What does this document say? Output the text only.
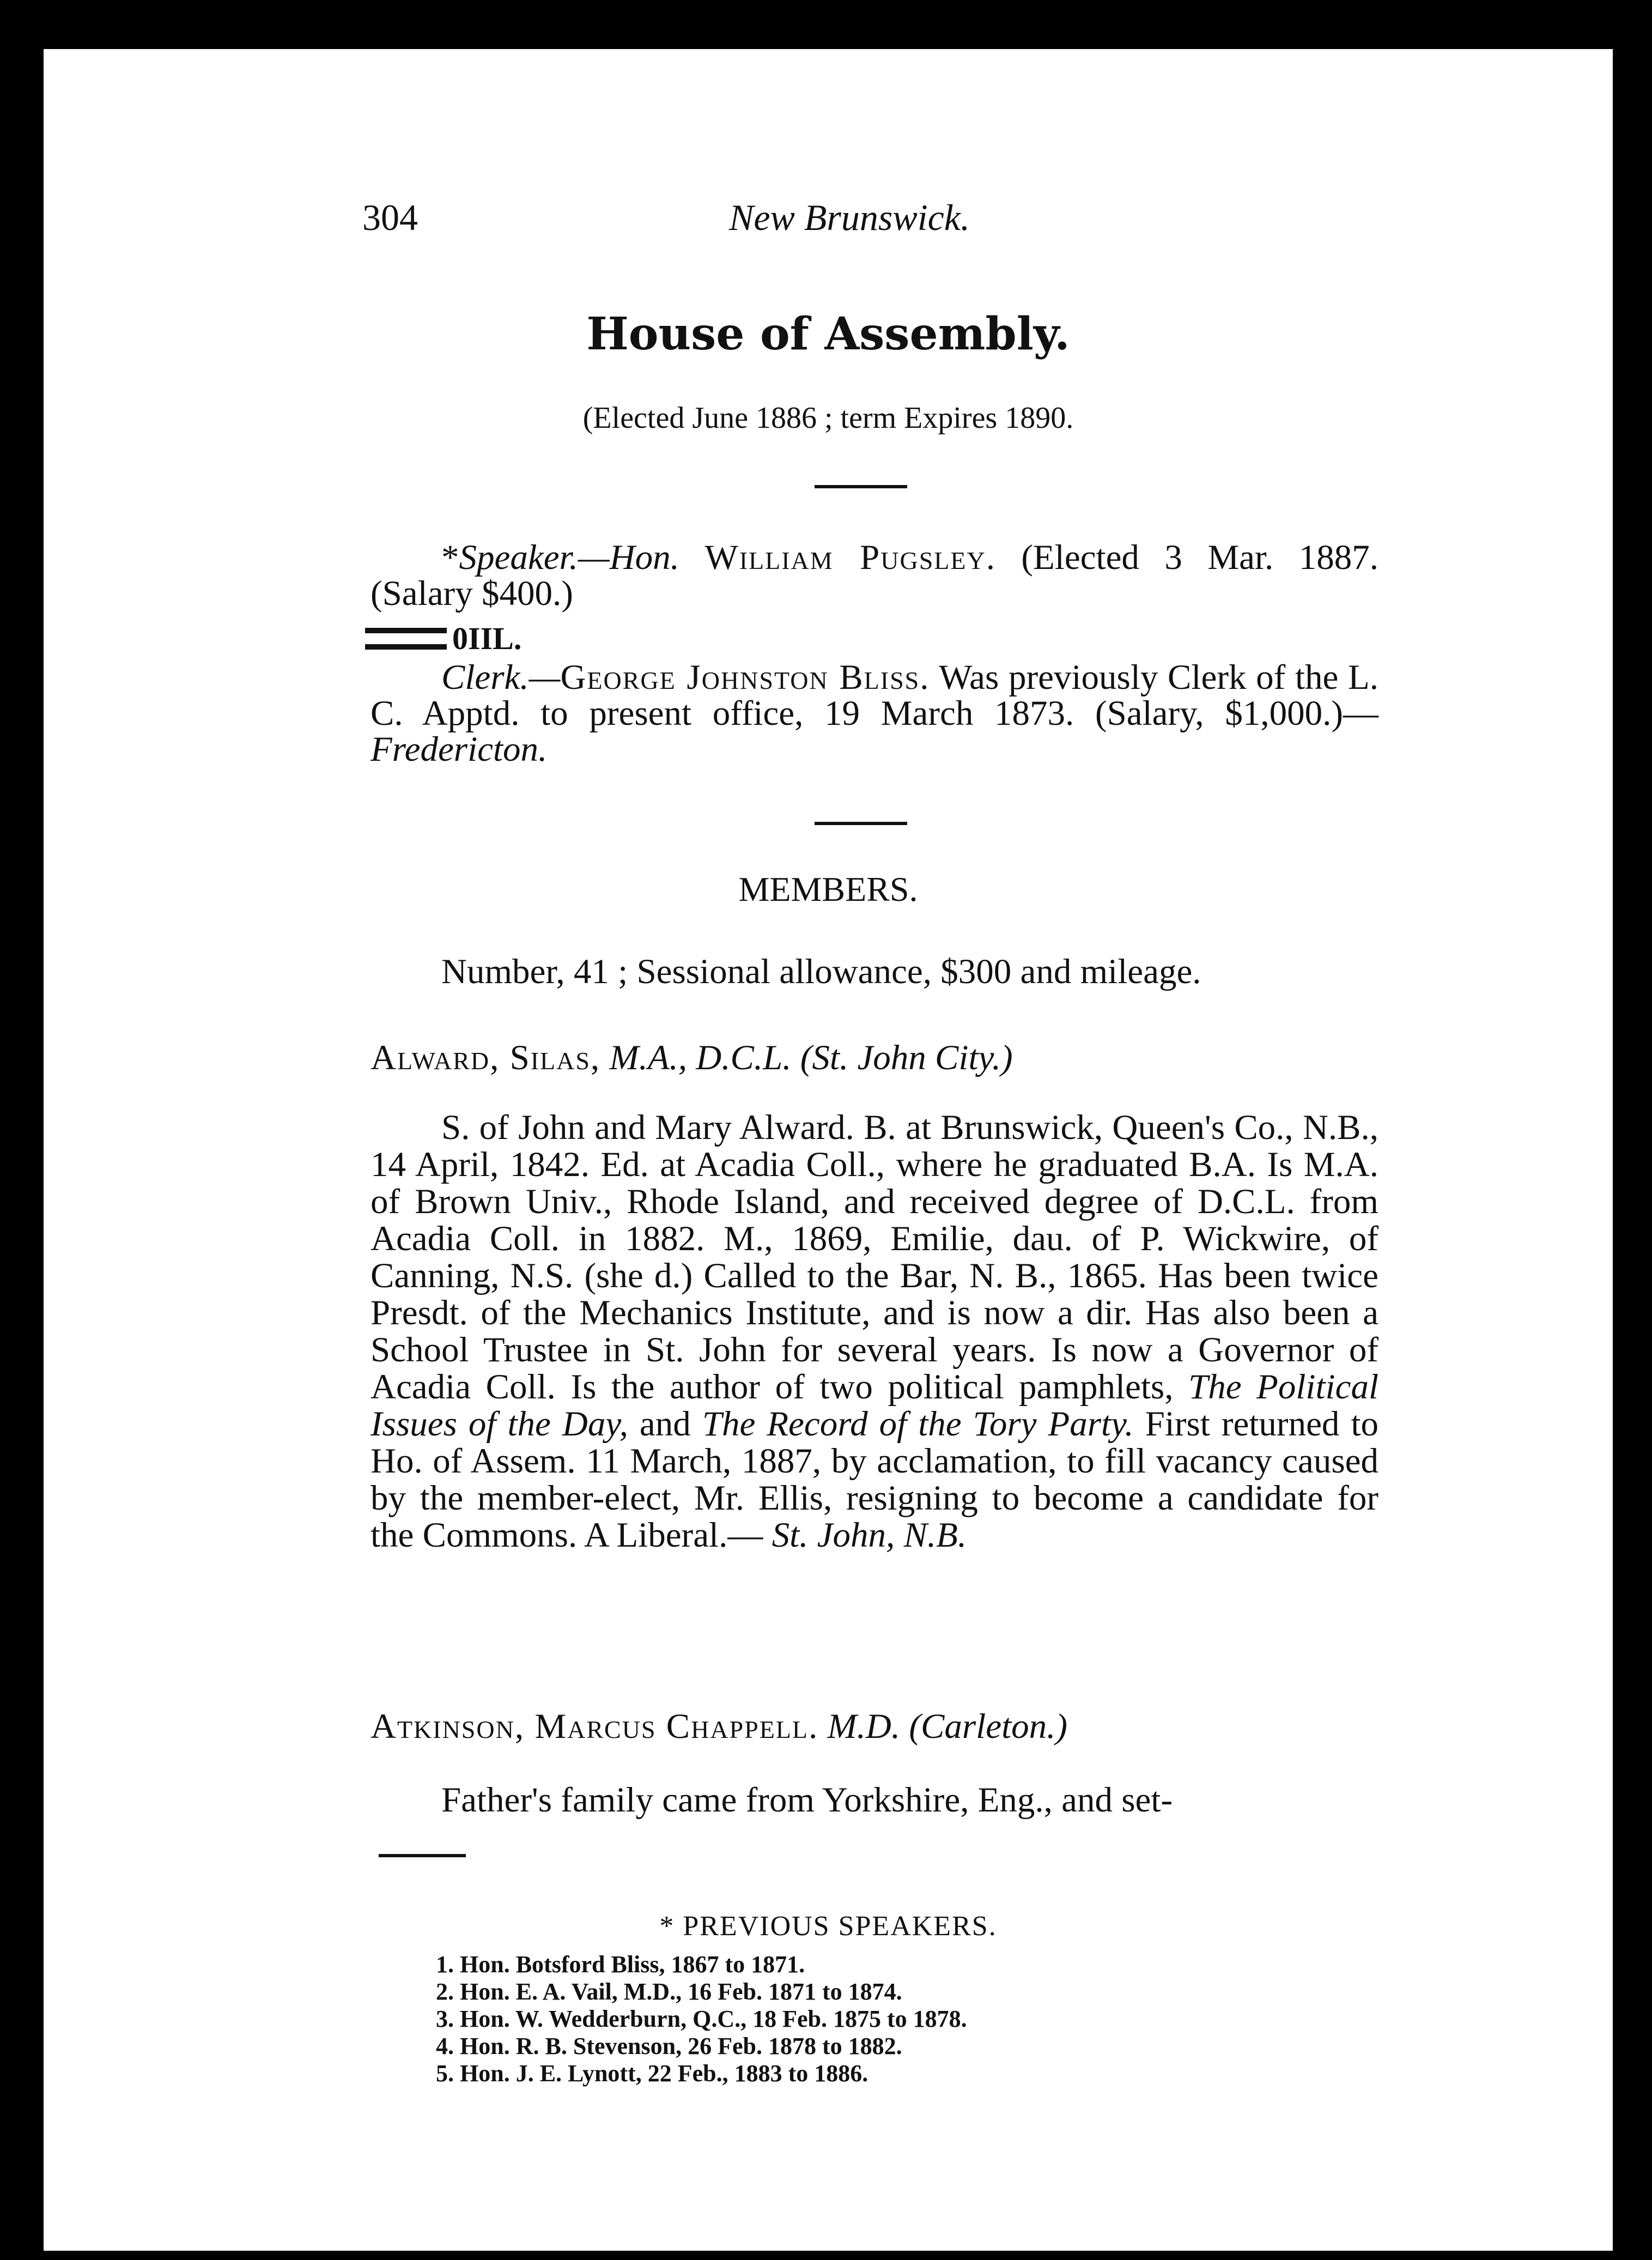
304	New Brunswick.
House of Assembly.
(Elected June 1886 ; term Expires 1890.
*Speaker.—Hon. William Pugsley. (Elected 3 Mar. 1887. (Salary $400.)
0IIL.
Clerk.—George Johnston Bliss. Was previously Clerk of the L. C. Apptd. to present office, 19 March 1873. (Salary, $1,000.)—Fredericton.
MEMBERS.
Number, 41 ; Sessional allowance, $300 and mileage.
Alward, Silas, M.A., D.C.L. (St. John City.)
S. of John and Mary Alward. B. at Brunswick, Queen's Co., N.B., 14 April, 1842. Ed. at Acadia Coll., where he graduated B.A. Is M.A. of Brown Univ., Rhode Island, and received degree of D.C.L. from Acadia Coll. in 1882. M., 1869, Emilie, dau. of P. Wickwire, of Canning, N.S. (she d.) Called to the Bar, N. B., 1865. Has been twice Presdt. of the Mechanics Institute, and is now a dir. Has also been a School Trustee in St. John for several years. Is now a Governor of Acadia Coll. Is the author of two political pamphlets, The Political Issues of the Day, and The Record of the Tory Party. First returned to Ho. of Assem. 11 March, 1887, by acclamation, to fill vacancy caused by the member-elect, Mr. Ellis, resigning to become a candidate for the Commons. A Liberal.— St. John, N.B.
Atkinson, Marcus Chappell. M.D. (Carleton.)
Father's family came from Yorkshire, Eng., and set-
* PREVIOUS SPEAKERS.
1. Hon. Botsford Bliss, 1867 to 1871.
2. Hon. E. A. Vail, M.D., 16 Feb. 1871 to 1874.
3. Hon. W. Wedderburn, Q.C., 18 Feb. 1875 to 1878.
4. Hon. R. B. Stevenson, 26 Feb. 1878 to 1882.
5. Hon. J. E. Lynott, 22 Feb., 1883 to 1886.
